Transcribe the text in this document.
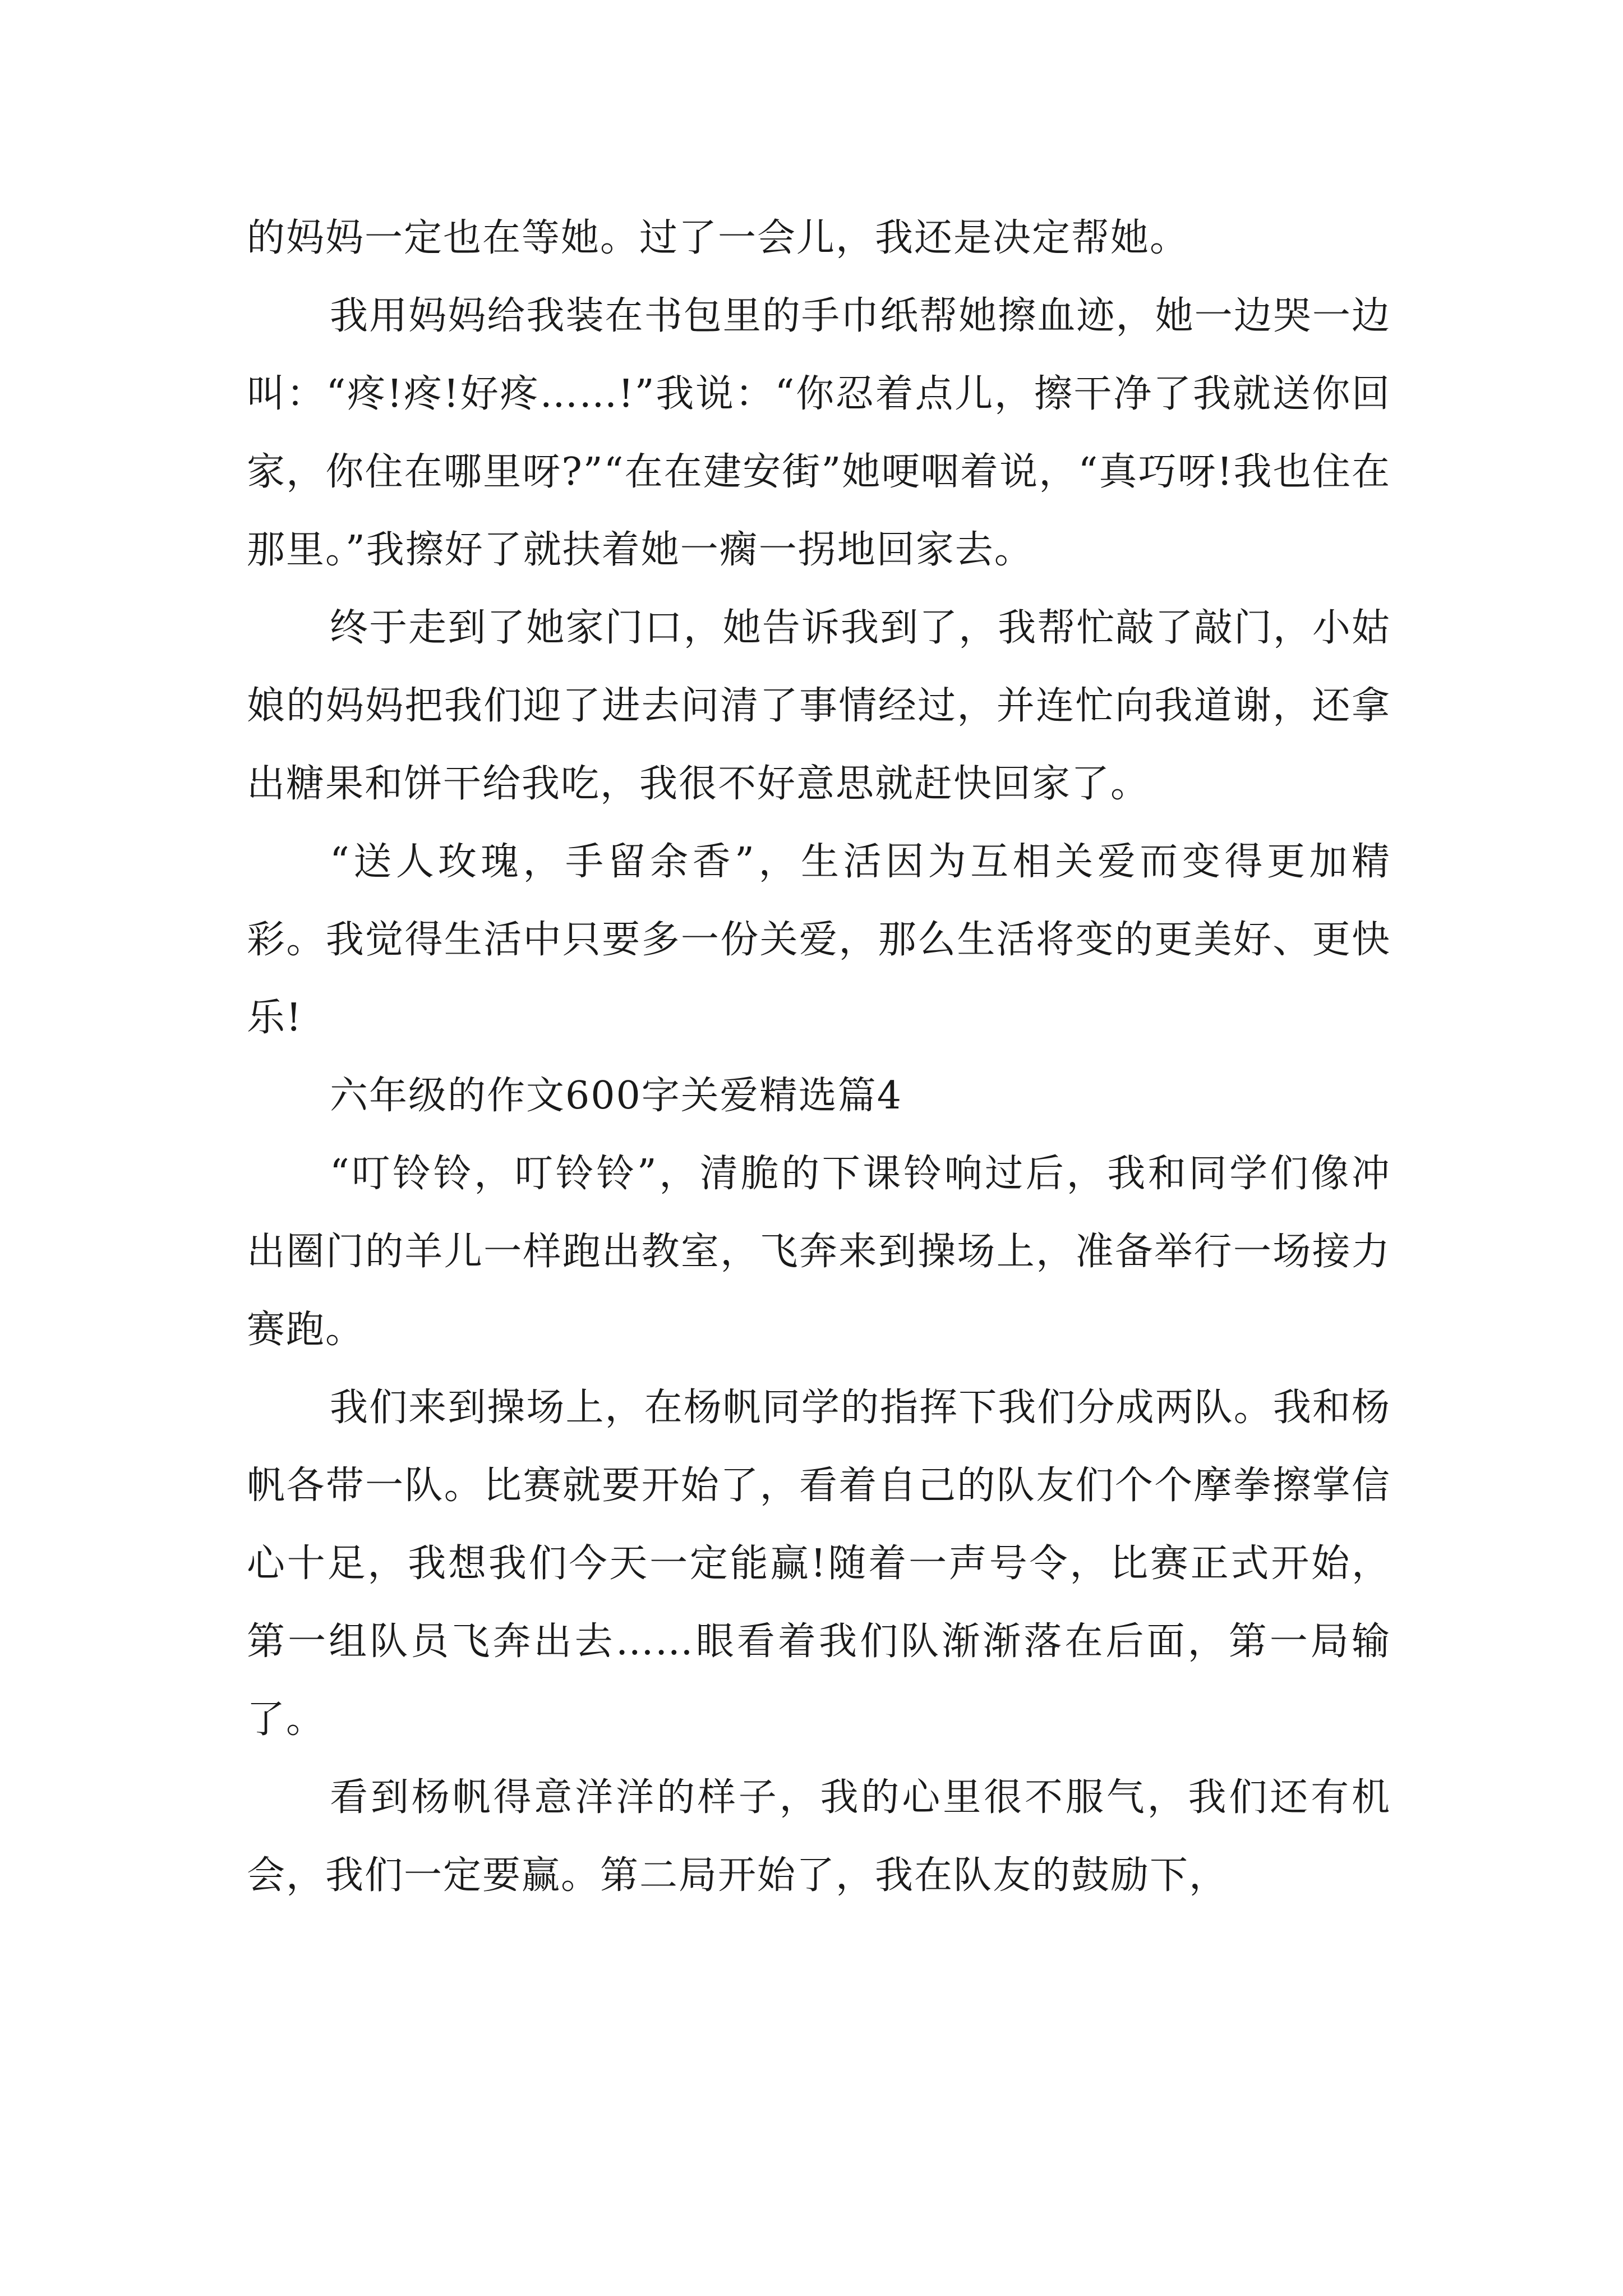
的妈妈一定也在等她。过了一会儿，我还是决定帮她。

我用妈妈给我装在书包里的手巾纸帮她擦血迹，她一边哭一边叫：“疼!疼!好疼……!”我说：“你忍着点儿，擦干净了我就送你回家，你住在哪里呀?”“在在建安街”她哽咽着说，“真巧呀!我也住在那里。”我擦好了就扶着她一瘸一拐地回家去。

终于走到了她家门口，她告诉我到了，我帮忙敲了敲门，小姑娘的妈妈把我们迎了进去问清了事情经过，并连忙向我道谢，还拿出糖果和饼干给我吃，我很不好意思就赶快回家了。

“送人玫瑰，手留余香”，生活因为互相关爱而变得更加精彩。我觉得生活中只要多一份关爱，那么生活将变的更美好、更快乐!

六年级的作文600字关爱精选篇4

“叮铃铃，叮铃铃”，清脆的下课铃响过后，我和同学们像冲出圈门的羊儿一样跑出教室，飞奔来到操场上，准备举行一场接力赛跑。

我们来到操场上，在杨帆同学的指挥下我们分成两队。我和杨帆各带一队。比赛就要开始了，看着自己的队友们个个摩拳擦掌信心十足，我想我们今天一定能赢!随着一声号令，比赛正式开始，第一组队员飞奔出去……眼看着我们队渐渐落在后面，第一局输了。

看到杨帆得意洋洋的样子，我的心里很不服气，我们还有机会，我们一定要赢。第二局开始了，我在队友的鼓励下，
